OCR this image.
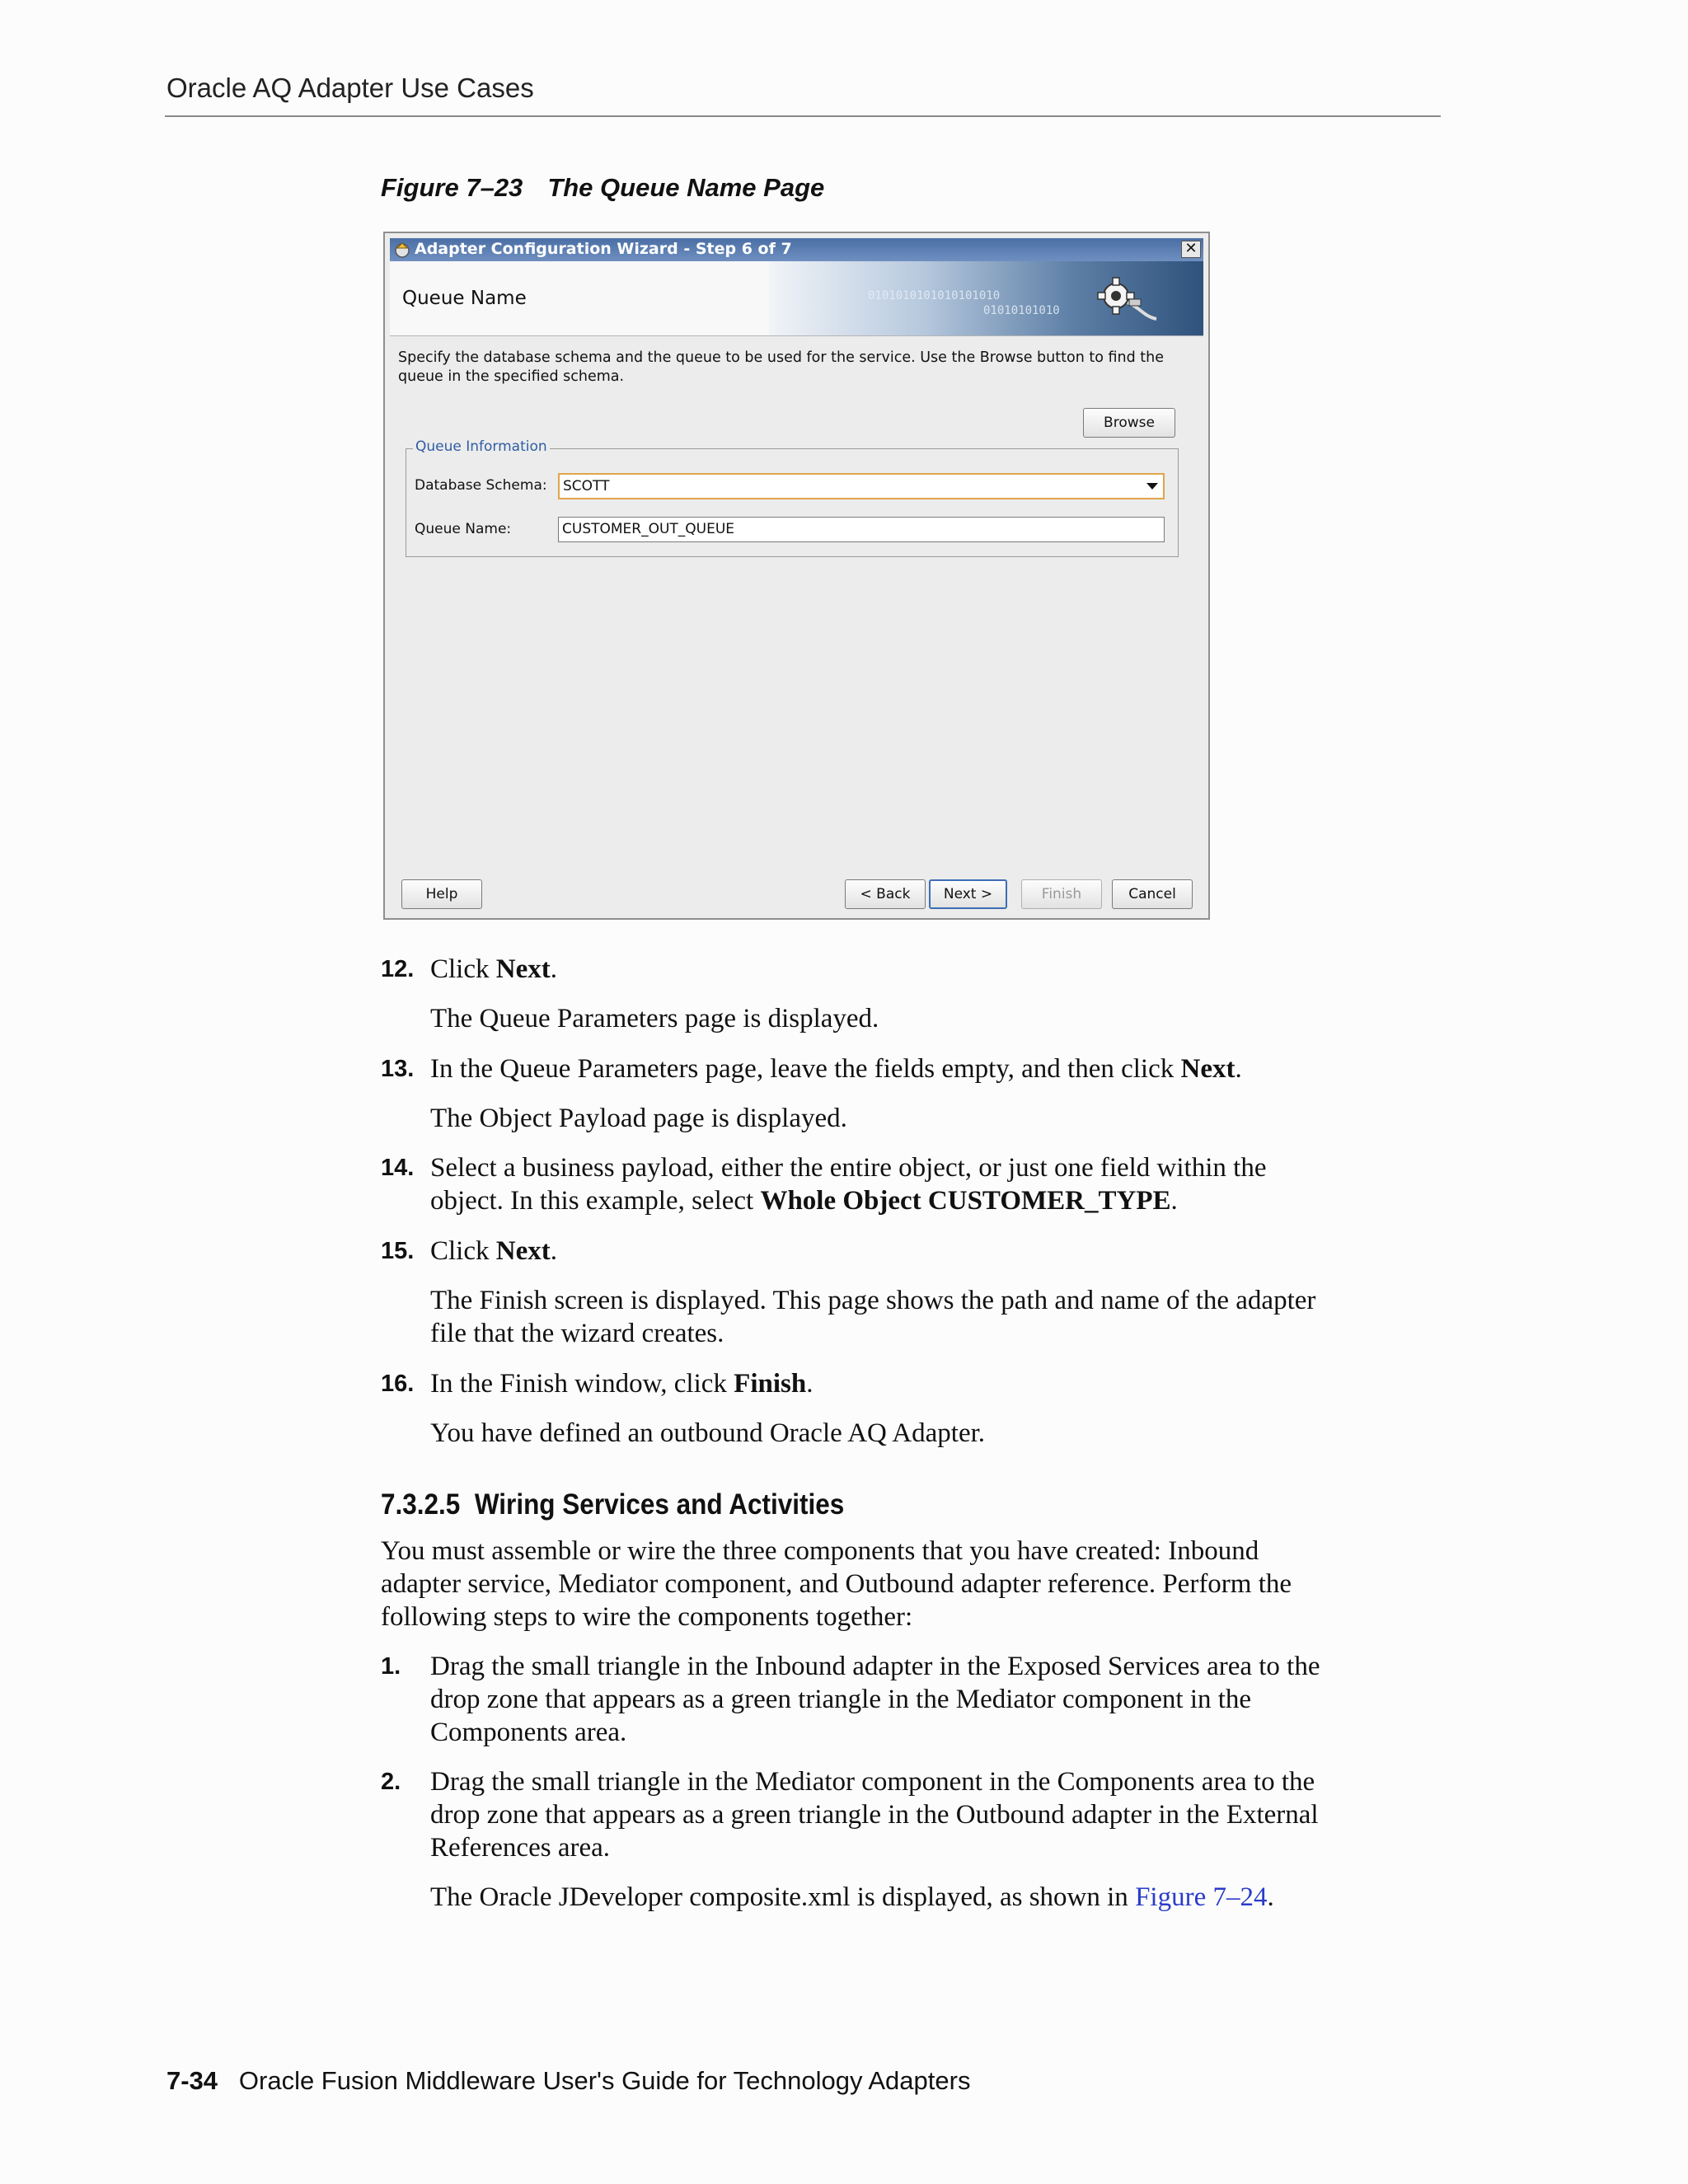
Oracle AQ Adapter Use Cases
Figure 7–23 The Queue Name Page
Adapter Configuration Wizard - Step 6 of 7	✕
0101010101010101010
01010101010
Queue Name
Specify the database schema and the queue to be used for the service. Use the Browse button to find the queue in the specified schema.
Browse
Queue Information
Database Schema: SCOTT
Queue Name:	CUSTOMER_OUT_QUEUE
Help	< Back	Next >	Finish	Cancel
12. Click Next.
The Queue Parameters page is displayed.
13. In the Queue Parameters page, leave the fields empty, and then click Next.
The Object Payload page is displayed.
14. Select a business payload, either the entire object, or just one field within the
object. In this example, select Whole Object CUSTOMER_TYPE.
15. Click Next.
The Finish screen is displayed. This page shows the path and name of the adapter
file that the wizard creates.
16. In the Finish window, click Finish.
You have defined an outbound Oracle AQ Adapter.
7.3.2.5 Wiring Services and Activities
You must assemble or wire the three components that you have created: Inbound
adapter service, Mediator component, and Outbound adapter reference. Perform the
following steps to wire the components together:
1. Drag the small triangle in the Inbound adapter in the Exposed Services area to the
drop zone that appears as a green triangle in the Mediator component in the
Components area.
2. Drag the small triangle in the Mediator component in the Components area to the
drop zone that appears as a green triangle in the Outbound adapter in the External
References area.
The Oracle JDeveloper composite.xml is displayed, as shown in Figure 7–24.
7-34 Oracle Fusion Middleware User's Guide for Technology Adapters
